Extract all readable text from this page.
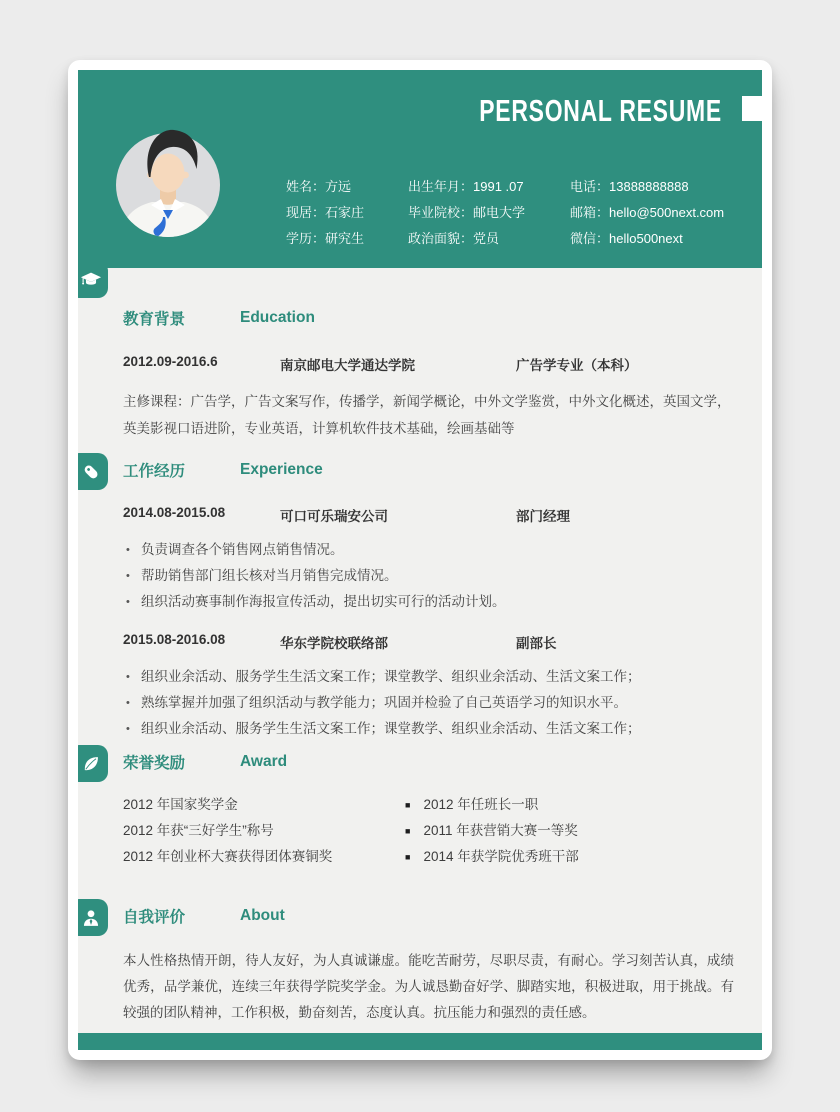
PERSONAL RESUME
姓名：方远	出生年月：1991 .07	电话：13888888888
现居：石家庄	毕业院校：邮电大学	邮箱：hello@500next.com
学历：研究生	政治面貌：党员	微信：hello500next
教育背景	Education
2012.09-2016.6	南京邮电大学通达学院	广告学专业（本科）

主修课程：广告学，广告文案写作，传播学，新闻学概论，中外文学鉴赏，中外文化概述，英国文学，英美影视口语进阶，专业英语，计算机软件技术基础，绘画基础等

工作经历	Experience
2014.08-2015.08	可口可乐瑞安公司	部门经理
• 负责调查各个销售网点销售情况。
• 帮助销售部门组长核对当月销售完成情况。
• 组织活动赛事制作海报宣传活动，提出切实可行的活动计划。
2015.08-2016.08	华东学院校联络部	副部长
• 组织业余活动、服务学生生活文案工作；课堂教学、组织业余活动、生活文案工作；
• 熟练掌握并加强了组织活动与教学能力；巩固并检验了自己英语学习的知识水平。
• 组织业余活动、服务学生生活文案工作；课堂教学、组织业余活动、生活文案工作；
荣誉奖励	Award
2012 年国家奖学金	■ 2012 年任班长一职
2012 年获“三好学生”称号	■ 2011 年获营销大赛一等奖
2012 年创业杯大赛获得团体赛铜奖	■ 2014 年获学院优秀班干部
自我评价	About

本人性格热情开朗，待人友好，为人真诚谦虚。能吃苦耐劳，尽职尽责，有耐心。学习刻苦认真，成绩优秀，品学兼优，连续三年获得学院奖学金。为人诚恳勤奋好学、脚踏实地，积极进取，用于挑战。有较强的团队精神，工作积极，勤奋刻苦，态度认真。抗压能力和强烈的责任感。
